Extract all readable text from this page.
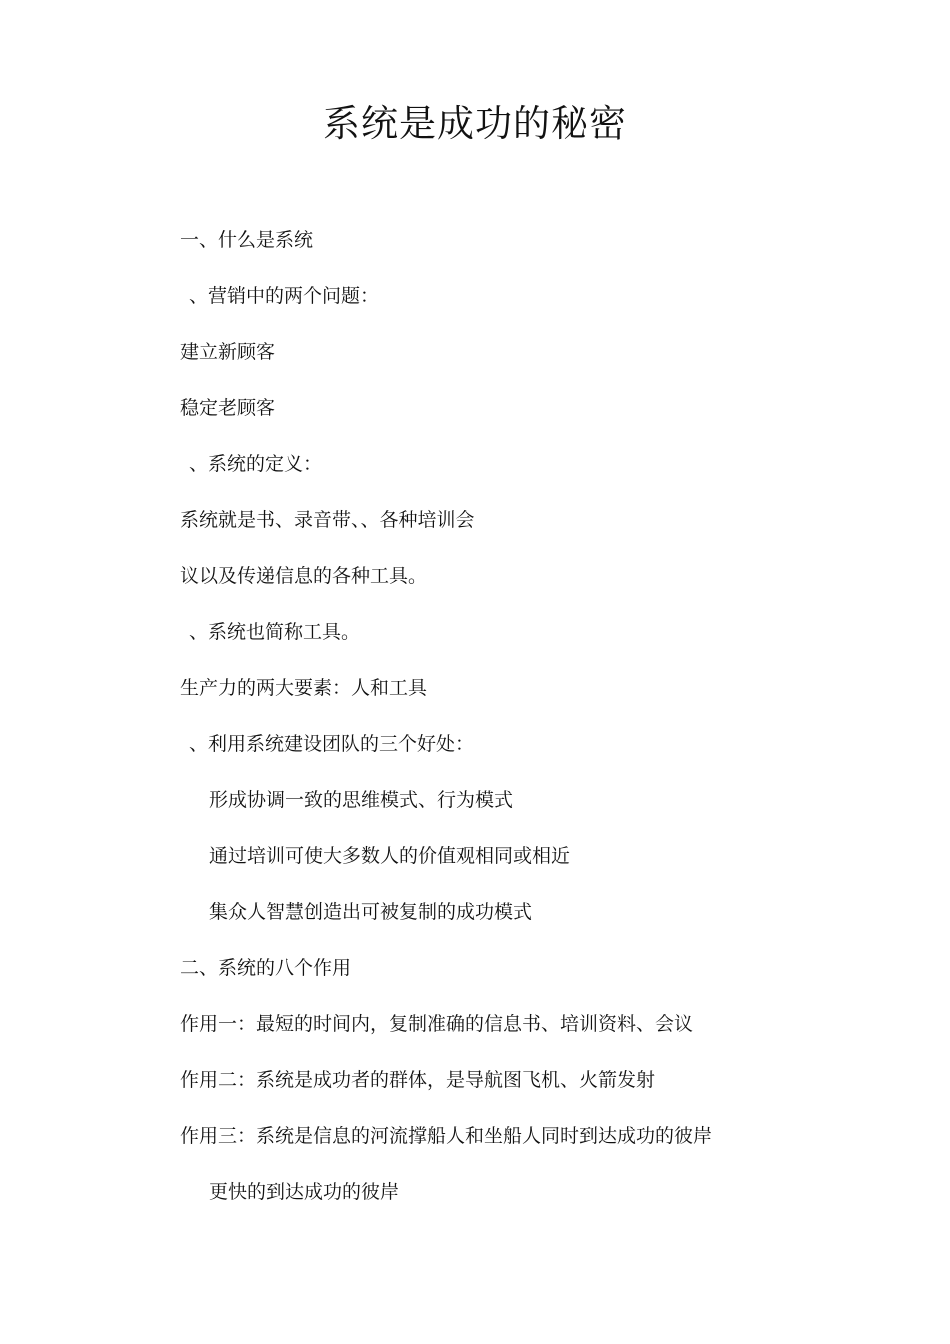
系统是成功的秘密
一、什么是系统
、营销中的两个问题：
建立新顾客
稳定老顾客
、系统的定义：
系统就是书、录音带、、各种培训会
议以及传递信息的各种工具。
、系统也简称工具。
生产力的两大要素：人和工具
、利用系统建设团队的三个好处：
形成协调一致的思维模式、行为模式
通过培训可使大多数人的价值观相同或相近
集众人智慧创造出可被复制的成功模式
二、系统的八个作用
作用一：最短的时间内，复制准确的信息书、培训资料、会议
作用二：系统是成功者的群体，是导航图飞机、火箭发射
作用三：系统是信息的河流撑船人和坐船人同时到达成功的彼岸
更快的到达成功的彼岸
